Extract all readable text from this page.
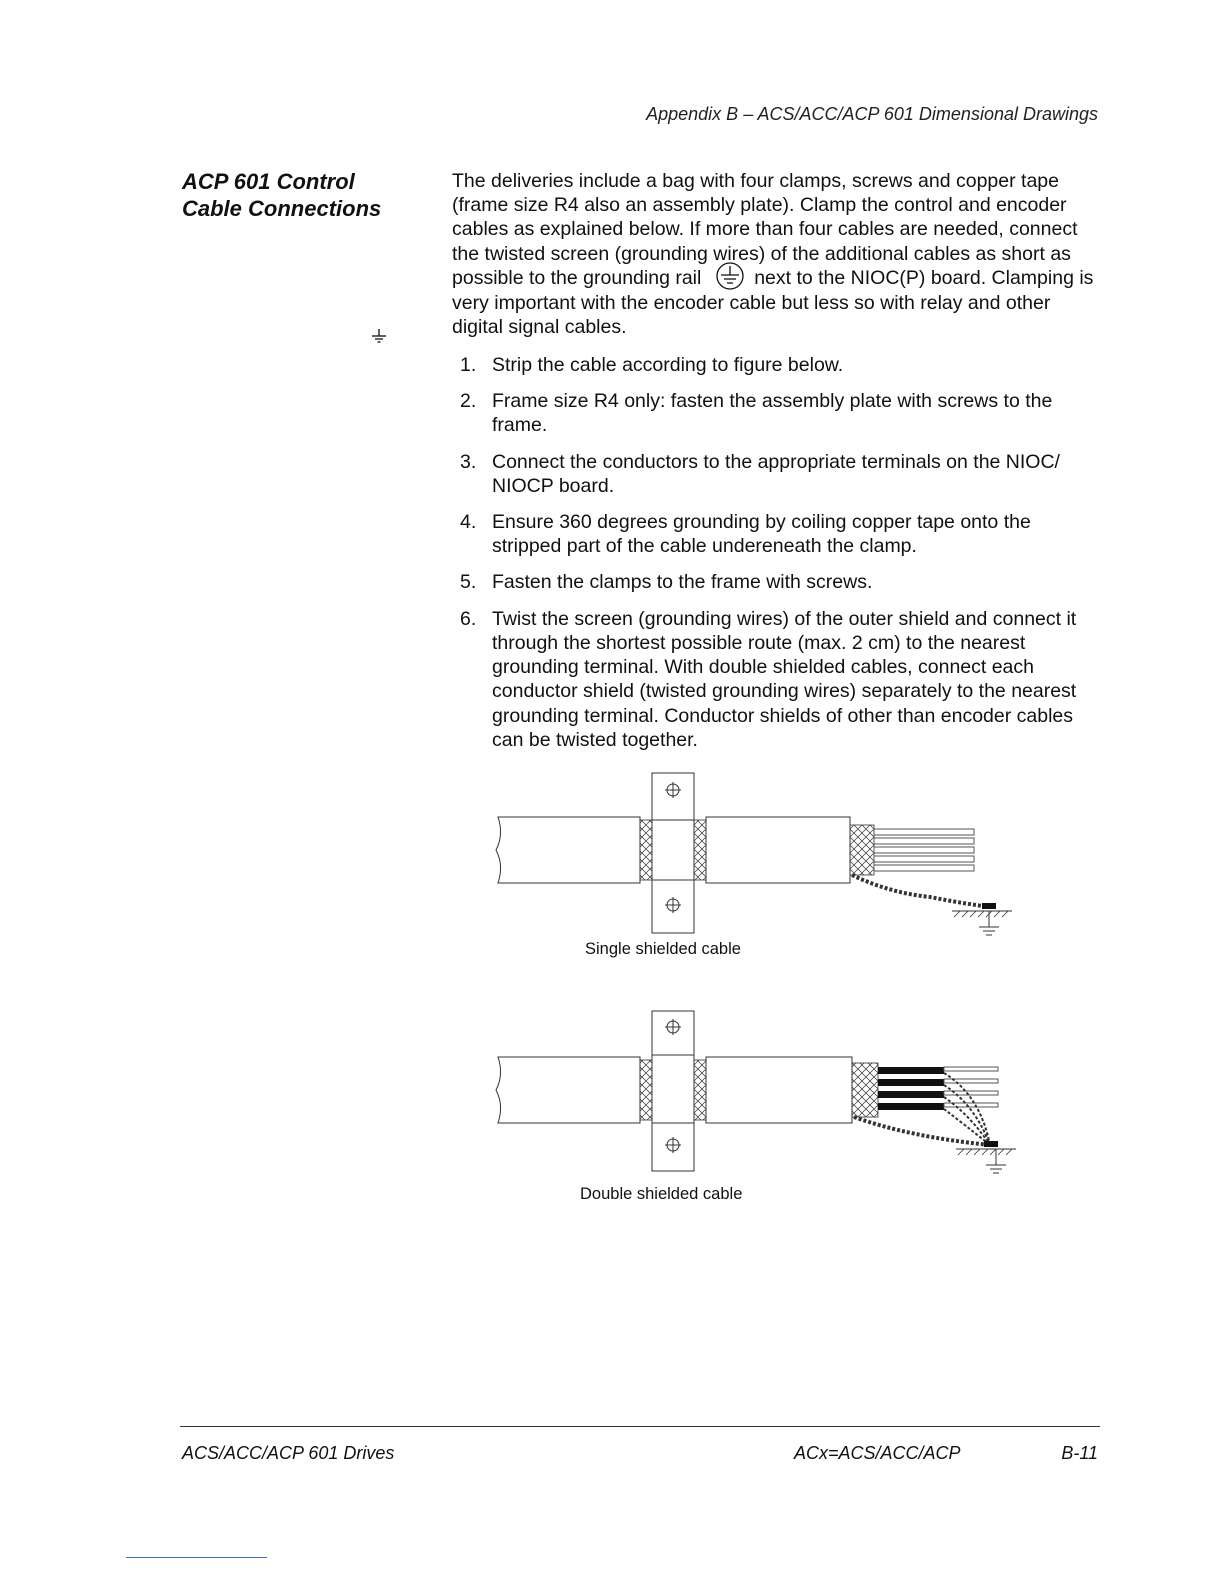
Appendix B – ACS/ACC/ACP 601 Dimensional Drawings
ACP 601 Control
Cable Connections

The deliveries include a bag with four clamps, screws and copper tape (frame size R4 also an assembly plate). Clamp the control and encoder cables as explained below. If more than four cables are needed, connect the twisted screen (grounding wires) of the additional cables as short as possible to the grounding rail	next to the NIOC(P) board. Clamping is very important with the encoder cable but less so with relay and other digital signal cables.

1. Strip the cable according to figure below.
2. Frame size R4 only: fasten the assembly plate with screws to the frame.
3. Connect the conductors to the appropriate terminals on the NIOC/ NIOCP board.
4. Ensure 360 degrees grounding by coiling copper tape onto the stripped part of the cable undereneath the clamp.
5. Fasten the clamps to the frame with screws.
6. Twist the screen (grounding wires) of the outer shield and connect it through the shortest possible route (max. 2 cm) to the nearest grounding terminal. With double shielded cables, connect each conductor shield (twisted grounding wires) separately to the nearest grounding terminal. Conductor shields of other than encoder cables can be twisted together.
Single shielded cable
Double shielded cable
ACS/ACC/ACP 601 Drives	ACx=ACS/ACC/ACP	B-11
